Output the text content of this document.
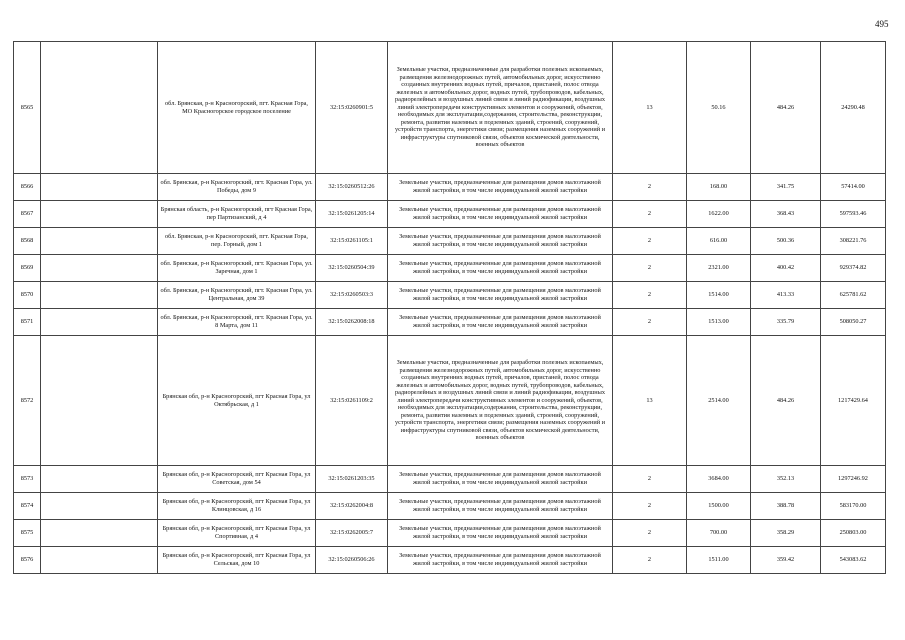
495
8565		обл. Брянская, р-н Красногорский, пгт. Красная Гора, МО Красногорское городское поселение	32:15:0260901:5	Земельные участки, предназначенные для разработки полезных ископаемых, размещения железнодорожных путей, автомобильных дорог, искусственно созданных внутренних водных путей, причалов, пристаней, полос отвода железных и автомобильных дорог, водных путей, трубопроводов, кабельных, радиорелейных и воздушных линий связи и линий радиофикации, воздушных линий электропередачи конструктивных элементов и сооружений, объектов, необходимых для эксплуатации,содержания, строительства, реконструкции, ремонта, развития наземных и подземных зданий, строений, сооружений, устройств транспорта, энергетики связи; размещения наземных сооружений и инфраструктуры спутниковой связи, объектов космической деятельности, военных объектов	13	50.16	484.26	24290.48
8566		обл. Брянская, р-н Красногорский, пгт. Красная Гора, ул. Победы, дом 9	32:15:0260512:26	Земельные участки, предназначенные для размещения домов малоэтажной жилой застройки, в том числе индивидуальной жилой застройки	2	168.00	341.75	57414.00
8567		Брянская область, р-н Красногорский, пгт Красная Гора, пер Партизанский, д 4	32:15:0261205:14	Земельные участки, предназначенные для размещения домов малоэтажной жилой застройки, в том числе индивидуальной жилой застройки	2	1622.00	368.43	597593.46
8568		обл. Брянская, р-н Красногорский, пгт. Красная Гора, пер. Горный, дом 1	32:15:0261105:1	Земельные участки, предназначенные для размещения домов малоэтажной жилой застройки, в том числе индивидуальной жилой застройки	2	616.00	500.36	308221.76
8569		обл. Брянская, р-н Красногорский, пгт. Красная Гора, ул. Заречная, дом 1	32:15:0260504:39	Земельные участки, предназначенные для размещения домов малоэтажной жилой застройки, в том числе индивидуальной жилой застройки	2	2321.00	400.42	929374.82
8570		обл. Брянская, р-н Красногорский, пгт. Красная Гора, ул. Центральная, дом 39	32:15:0260503:3	Земельные участки, предназначенные для размещения домов малоэтажной жилой застройки, в том числе индивидуальной жилой застройки	2	1514.00	413.33	625781.62
8571		обл. Брянская, р-н Красногорский, пгт. Красная Гора, ул. 8 Марта, дом 11	32:15:0262008:18	Земельные участки, предназначенные для размещения домов малоэтажной жилой застройки, в том числе индивидуальной жилой застройки	2	1513.00	335.79	508050.27
8572		Брянская обл, р-н Красногорский, пгт Красная Гора, ул Октябрьская, д 1	32:15:0261109:2	Земельные участки, предназначенные для разработки полезных ископаемых, размещения железнодорожных путей, автомобильных дорог, искусственно созданных внутренних водных путей, причалов, пристаней, полос отвода железных и автомобильных дорог, водных путей, трубопроводов, кабельных, радиорелейных и воздушных линий связи и линий радиофикации, воздушных линий электропередачи конструктивных элементов и сооружений, объектов, необходимых для эксплуатации,содержания, строительства, реконструкции, ремонта, развития наземных и подземных зданий, строений, сооружений, устройств транспорта, энергетики связи; размещения наземных сооружений и инфраструктуры спутниковой связи, объектов космической деятельности, военных объектов	13	2514.00	484.26	1217429.64
8573		Брянская обл, р-н Красногорский, пгт Красная Гора, ул Советская, дом 54	32:15:0261203:35	Земельные участки, предназначенные для размещения домов малоэтажной жилой застройки, в том числе индивидуальной жилой застройки	2	3684.00	352.13	1297246.92
8574		Брянская обл, р-н Красногорский, пгт Красная Гора, ул Клинцовская, д 16	32:15:0262004:8	Земельные участки, предназначенные для размещения домов малоэтажной жилой застройки, в том числе индивидуальной жилой застройки	2	1500.00	388.78	583170.00
8575		Брянская обл, р-н Красногорский, пгт Красная Гора, ул Спортивная, д 4	32:15:0262005:7	Земельные участки, предназначенные для размещения домов малоэтажной жилой застройки, в том числе индивидуальной жилой застройки	2	700.00	358.29	250803.00
8576		Брянская обл, р-н Красногорский, пгт Красная Гора, ул Сельская, дом 10	32:15:0260506:26	Земельные участки, предназначенные для размещения домов малоэтажной жилой застройки, в том числе индивидуальной жилой застройки	2	1511.00	359.42	543083.62
